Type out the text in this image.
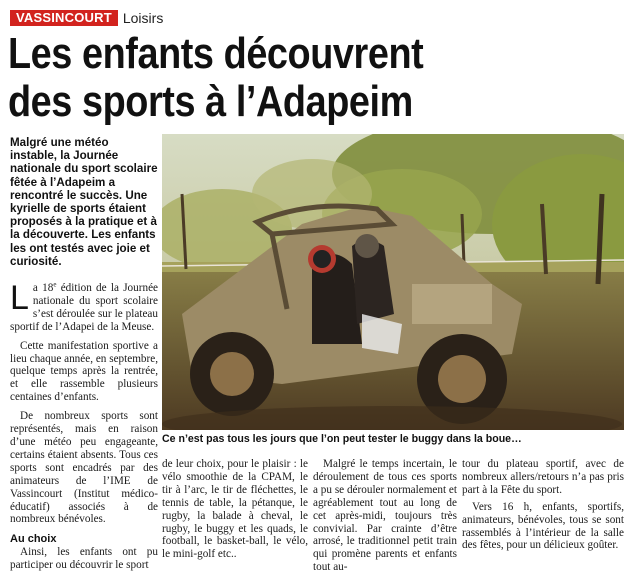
VASSINCOURT Loisirs
Les enfants découvrent
des sports à l’Adapeim
Malgré une météo instable, la Journée nationale du sport scolaire fêtée à l’Adapeim a rencontré le succès. Une kyrielle de sports étaient proposés à la pratique et à la découverte. Les enfants les ont testés avec joie et curiosité.

La 18e édition de la Journée nationale du sport scolaire s’est déroulée sur le plateau sportif de l’Adapei de la Meuse.

Cette manifestation sportive a lieu chaque année, en septembre, quelque temps après la rentrée, et elle rassemble plusieurs centaines d’enfants.

De nombreux sports sont représentés, mais en raison d’une météo peu engageante, certains étaient absents. Tous ces sports sont encadrés par des animateurs de l’IME de Vassincourt (Institut médico-éducatif) associés à de nombreux bénévoles.

Au choix

Ainsi, les enfants ont pu participer ou découvrir le sport

Ce n’est pas tous les jours que l’on peut tester le buggy dans la boue…

de leur choix, pour le plaisir : le vélo smoothie de la CPAM, le tir à l’arc, le tir de fléchettes, le tennis de table, la pétanque, le rugby, la balade à cheval, le rugby, le buggy et les quads, le football, le basket-ball, le vélo, le mini-golf etc..

Malgré le temps incertain, le déroulement de tous ces sports a pu se dérouler normalement et agréablement tout au long de cet après-midi, toujours très convivial. Par crainte d’être arrosé, le traditionnel petit train qui promène parents et enfants tout au-

tour du plateau sportif, avec de nombreux allers/retours n’a pas pris part à la Fête du sport.

Vers 16 h, enfants, sportifs, animateurs, bénévoles, tous se sont rassemblés à l’intérieur de la salle des fêtes, pour un délicieux goûter.
